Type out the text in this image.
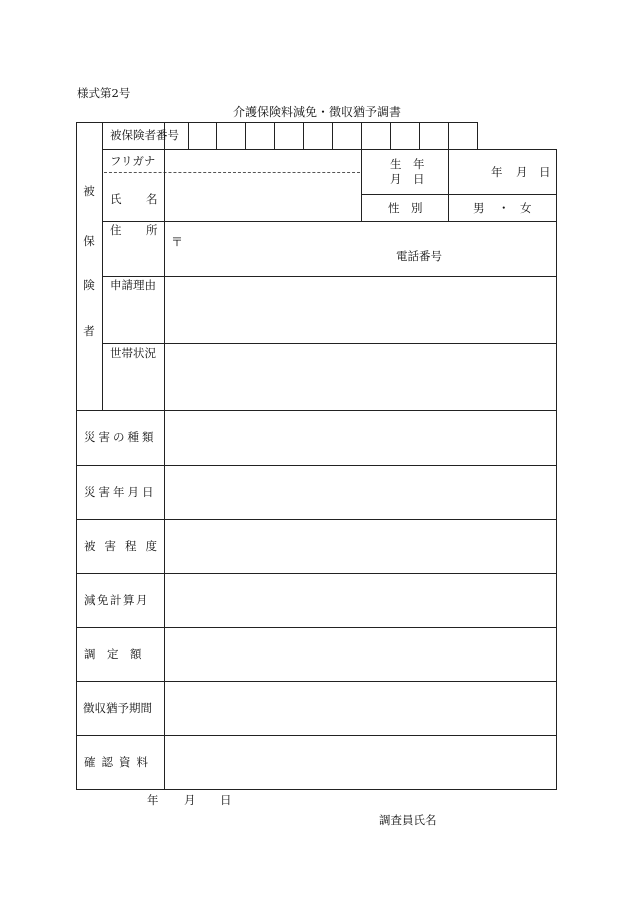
様式第2号
介護保険料減免・徴収猶予調書
被
保
険
者
被保険者番号
フリガナ
氏 名
生　年
月　日	年 月 日
性　別	男 ・ 女
住 所
〒
電話番号
申請理由
世帯状況
災害の種類
災害年月日
被害程度
減免計算月
調　定　額
徴収猶予期間
確認資料
年 月 日
調査員氏名
